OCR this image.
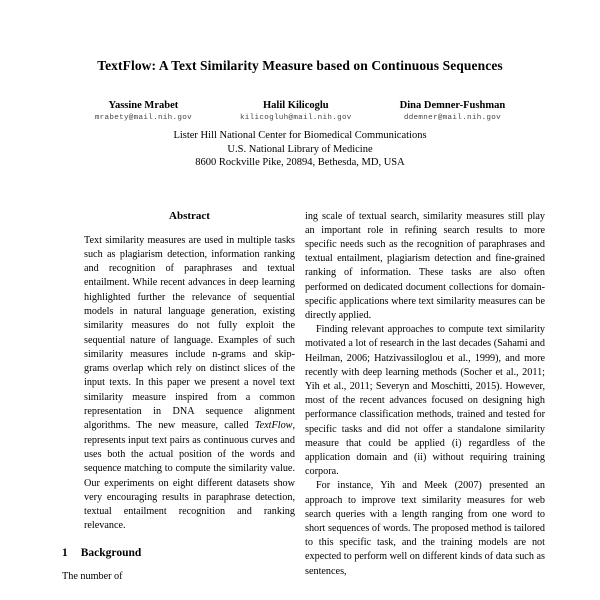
TextFlow: A Text Similarity Measure based on Continuous Sequences
Yassine Mrabet
mrabety@mail.nih.gov
Halil Kilicoglu
kilicogluh@mail.nih.gov
Dina Demner-Fushman
ddemner@mail.nih.gov
Lister Hill National Center for Biomedical Communications
U.S. National Library of Medicine
8600 Rockville Pike, 20894, Bethesda, MD, USA
Abstract

Text similarity measures are used in multiple tasks such as plagiarism detection, information ranking and recognition of paraphrases and textual entailment. While recent advances in deep learning highlighted further the relevance of sequential models in natural language generation, existing similarity measures do not fully exploit the sequential nature of language. Examples of such similarity measures include n-grams and skip-grams overlap which rely on distinct slices of the input texts. In this paper we present a novel text similarity measure inspired from a common representation in DNA sequence alignment algorithms. The new measure, called TextFlow, represents input text pairs as continuous curves and uses both the actual position of the words and sequence matching to compute the similarity value. Our experiments on eight different datasets show very encouraging results in paraphrase detection, textual entailment recognition and ranking relevance.

1 Background
The number of

ing scale of textual search, similarity measures still play an important role in refining search results to more specific needs such as the recognition of paraphrases and textual entailment, plagiarism detection and fine-grained ranking of information. These tasks are also often performed on dedicated document collections for domain-specific applications where text similarity measures can be directly applied.

Finding relevant approaches to compute text similarity motivated a lot of research in the last decades (Sahami and Heilman, 2006; Hatzivassiloglou et al., 1999), and more recently with deep learning methods (Socher et al., 2011; Yih et al., 2011; Severyn and Moschitti, 2015). However, most of the recent advances focused on designing high performance classification methods, trained and tested for specific tasks and did not offer a standalone similarity measure that could be applied (i) regardless of the application domain and (ii) without requiring training corpora.

For instance, Yih and Meek (2007) presented an approach to improve text similarity measures for web search queries with a length ranging from one word to short sequences of words. The proposed method is tailored to this specific task, and the training models are not expected to perform well on different kinds of data such as sentences,
